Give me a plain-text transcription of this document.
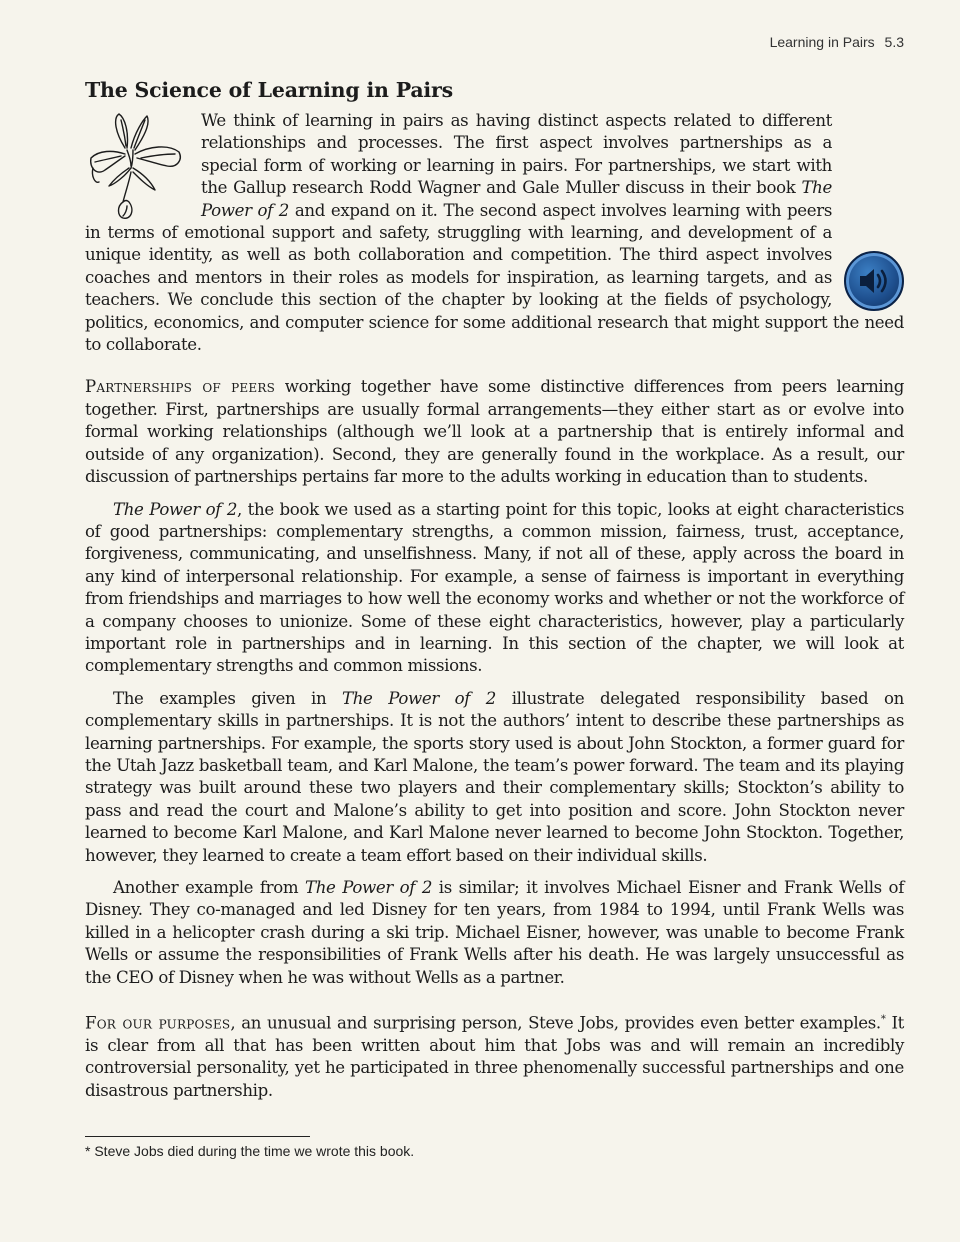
Learning in Pairs 5.3
The Science of Learning in Pairs

We think of learning in pairs as having distinct aspects related to different relationships and processes. The first aspect involves partnerships as a special form of working or learning in pairs. For partnerships, we start with the Gallup research Rodd Wagner and Gale Muller discuss in their book The Power of 2 and expand on it. The second aspect involves learning with peers in terms of emotional support and safety, struggling with learning, and development of a unique identity, as well as both collaboration and competition. The third aspect involves coaches and mentors in their roles as models for inspiration, as learning targets, and as teachers. We conclude this section of the chapter by looking at the fields of psychology, politics, economics, and computer science for some additional research that might support the need to collaborate.

Partnerships of peers working together have some distinctive differences from peers learning together. First, partnerships are usually formal arrangements—they either start as or evolve into formal working relationships (although we’ll look at a partnership that is entirely informal and outside of any organization). Second, they are generally found in the workplace. As a result, our discussion of partnerships pertains far more to the adults working in education than to students.

The Power of 2, the book we used as a starting point for this topic, looks at eight characteristics of good partnerships: complementary strengths, a common mission, fairness, trust, acceptance, forgiveness, communicating, and unselfishness. Many, if not all of these, apply across the board in any kind of interpersonal relationship. For example, a sense of fairness is important in everything from friendships and marriages to how well the economy works and whether or not the workforce of a company chooses to unionize. Some of these eight characteristics, however, play a particularly important role in partnerships and in learning. In this section of the chapter, we will look at complementary strengths and common missions.

The examples given in The Power of 2 illustrate delegated responsibility based on complementary skills in partnerships. It is not the authors’ intent to describe these partnerships as learning partnerships. For example, the sports story used is about John Stockton, a former guard for the Utah Jazz basketball team, and Karl Malone, the team’s power forward. The team and its playing strategy was built around these two players and their complementary skills; Stockton’s ability to pass and read the court and Malone’s ability to get into position and score. John Stockton never learned to become Karl Malone, and Karl Malone never learned to become John Stockton. Together, however, they learned to create a team effort based on their individual skills.

Another example from The Power of 2 is similar; it involves Michael Eisner and Frank Wells of Disney. They co-managed and led Disney for ten years, from 1984 to 1994, until Frank Wells was killed in a helicopter crash during a ski trip. Michael Eisner, however, was unable to become Frank Wells or assume the responsibilities of Frank Wells after his death. He was largely unsuccessful as the CEO of Disney when he was without Wells as a partner.

For our purposes, an unusual and surprising person, Steve Jobs, provides even better examples.* It is clear from all that has been written about him that Jobs was and will remain an incredibly controversial personality, yet he participated in three phenomenally successful partnerships and one disastrous partnership.

* Steve Jobs died during the time we wrote this book.
